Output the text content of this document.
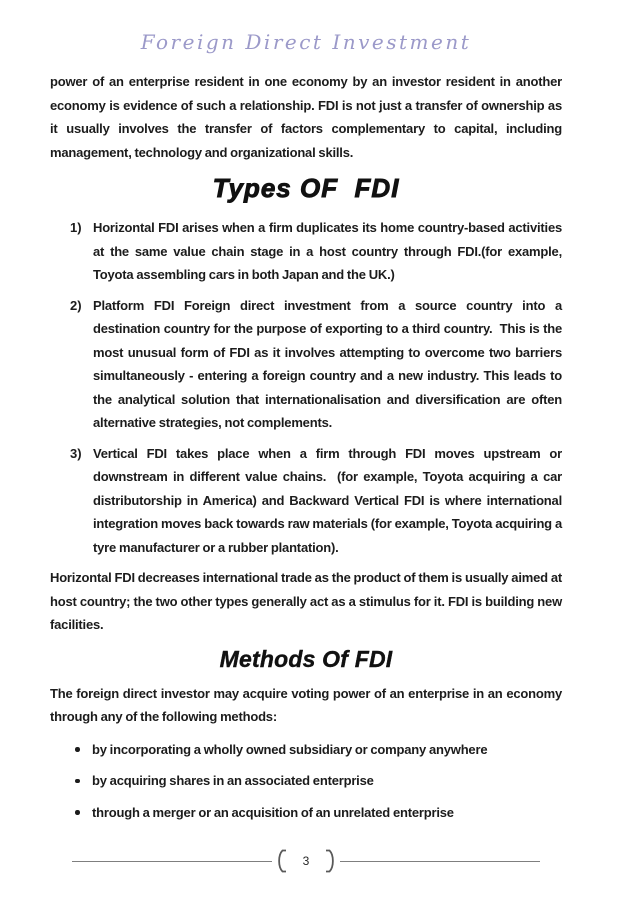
Foreign Direct Investment

power of an enterprise resident in one economy by an investor resident in another economy is evidence of such a relationship. FDI is not just a transfer of ownership as it usually involves the transfer of factors complementary to capital, including management, technology and organizational skills.

Types OF  FDI
1) Horizontal FDI arises when a firm duplicates its home country-based activities at the same value chain stage in a host country through FDI.(for example, Toyota assembling cars in both Japan and the UK.)
2) Platform FDI Foreign direct investment from a source country into a destination country for the purpose of exporting to a third country.  This is the most unusual form of FDI as it involves attempting to overcome two barriers simultaneously - entering a foreign country and a new industry. This leads to the analytical solution that internationalisation and diversification are often alternative strategies, not complements.
3) Vertical FDI takes place when a firm through FDI moves upstream or downstream in different value chains.  (for example, Toyota acquiring a car distributorship in America) and Backward Vertical FDI is where international integration moves back towards raw materials (for example, Toyota acquiring a tyre manufacturer or a rubber plantation).

Horizontal FDI decreases international trade as the product of them is usually aimed at host country; the two other types generally act as a stimulus for it. FDI is building new facilities.

Methods Of FDI

The foreign direct investor may acquire voting power of an enterprise in an economy through any of the following methods:

by incorporating a wholly owned subsidiary or company anywhere
by acquiring shares in an associated enterprise
through a merger or an acquisition of an unrelated enterprise
3
